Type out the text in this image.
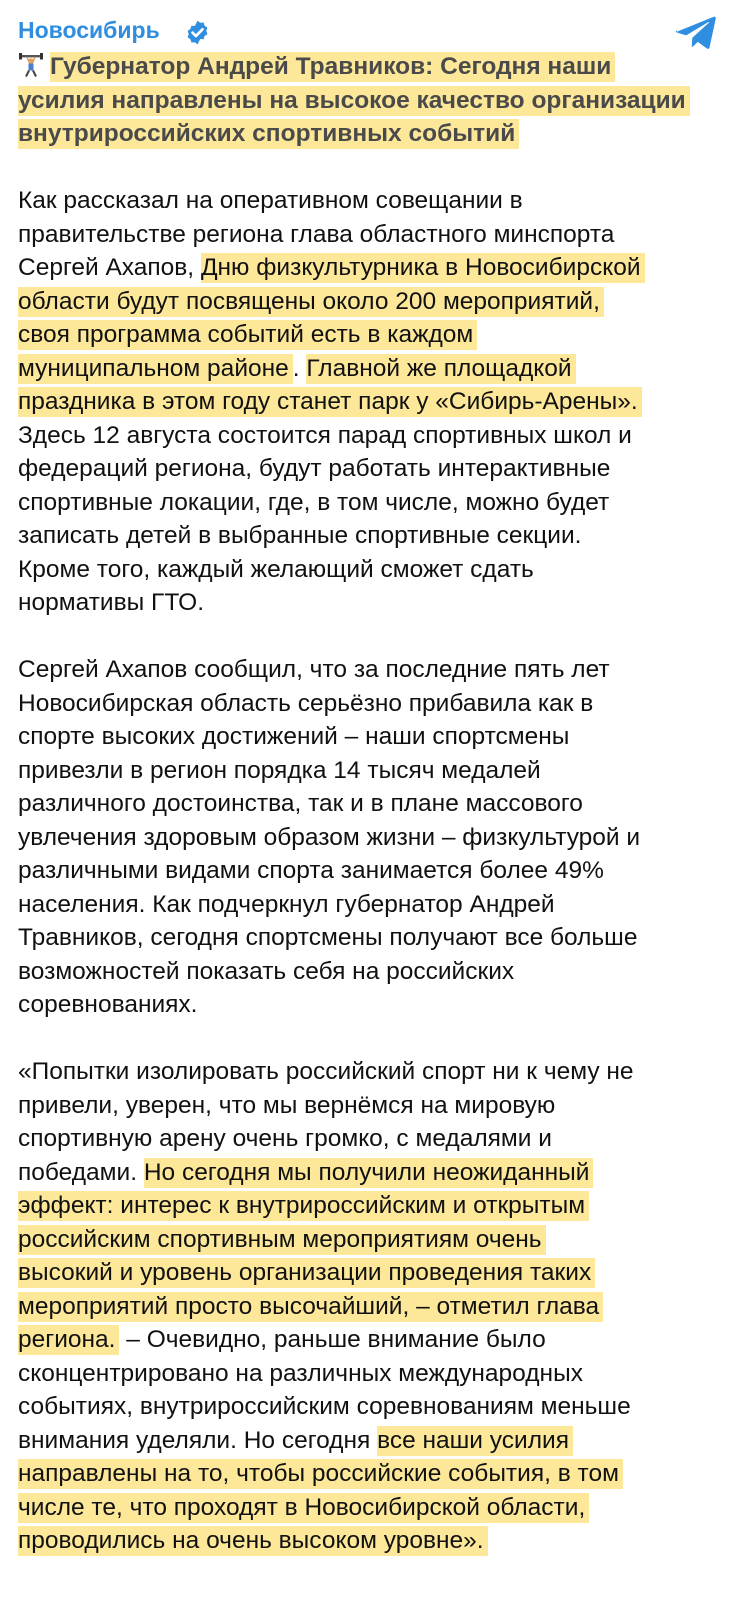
Новосибирь
Губернатор Андрей Травников: Сегодня наши
усилия направлены на высокое качество организации
внутрироссийских спортивных событий
Как рассказал на оперативном совещании в
правительстве региона глава областного минспорта
Сергей Ахапов, Дню физкультурника в Новосибирской
области будут посвящены около 200 мероприятий,
своя программа событий есть в каждом
муниципальном районе . Главной же площадкой
праздника в этом году станет парк у «Сибирь-Арены».
Здесь 12 августа состоится парад спортивных школ и
федераций региона, будут работать интерактивные
спортивные локации, где, в том числе, можно будет
записать детей в выбранные спортивные секции.
Кроме того, каждый желающий сможет сдать
нормативы ГТО.
Сергей Ахапов сообщил, что за последние пять лет
Новосибирская область серьёзно прибавила как в
спорте высоких достижений – наши спортсмены
привезли в регион порядка 14 тысяч медалей
различного достоинства, так и в плане массового
увлечения здоровым образом жизни – физкультурой и
различными видами спорта занимается более 49%
населения. Как подчеркнул губернатор Андрей
Травников, сегодня спортсмены получают все больше
возможностей показать себя на российских
соревнованиях.
«Попытки изолировать российский спорт ни к чему не
привели, уверен, что мы вернёмся на мировую
спортивную арену очень громко, с медалями и
победами. Но сегодня мы получили неожиданный
эффект: интерес к внутрироссийским и открытым
российским спортивным мероприятиям очень
высокий и уровень организации проведения таких
мероприятий просто высочайший, – отметил глава
региона. – Очевидно, раньше внимание было
сконцентрировано на различных международных
событиях, внутрироссийским соревнованиям меньше
внимания уделяли. Но сегодня все наши усилия
направлены на то, чтобы российские события, в том
числе те, что проходят в Новосибирской области,
проводились на очень высоком уровне».
